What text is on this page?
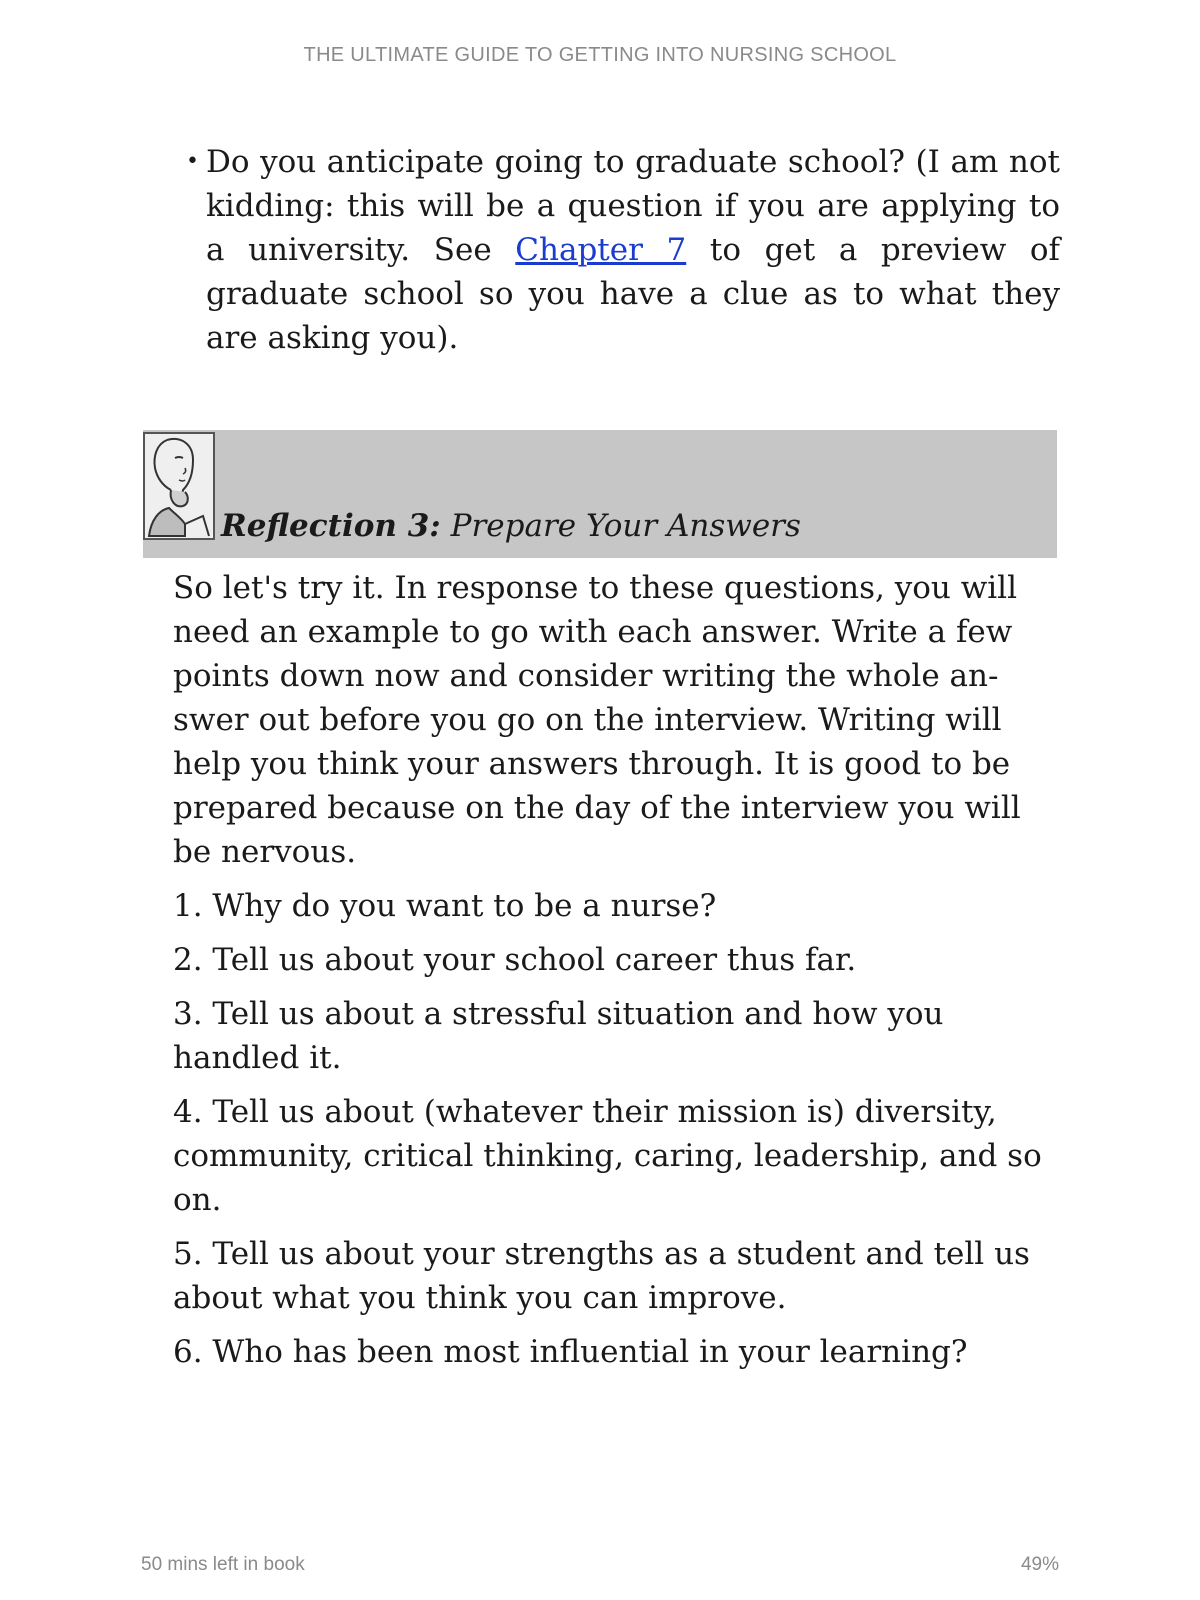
THE ULTIMATE GUIDE TO GETTING INTO NURSING SCHOOL
• Do you anticipate going to graduate school? (I am not kidding: this will be a question if you are applying to a university. See Chapter 7 to get a preview of graduate school so you have a clue as to what they are asking you).
Reflection 3: Prepare Your Answers

So let's try it. In response to these questions, you will need an example to go with each answer. Write a few points down now and consider writing the whole an-swer out before you go on the interview. Writing will help you think your answers through. It is good to be prepared because on the day of the interview you will be nervous.

1. Why do you want to be a nurse?

2. Tell us about your school career thus far.

3. Tell us about a stressful situation and how you handled it.

4. Tell us about (whatever their mission is) diversity, community, critical thinking, caring, leadership, and so on.

5. Tell us about your strengths as a student and tell us about what you think you can improve.

6. Who has been most influential in your learning?

50 mins left in book	49%
